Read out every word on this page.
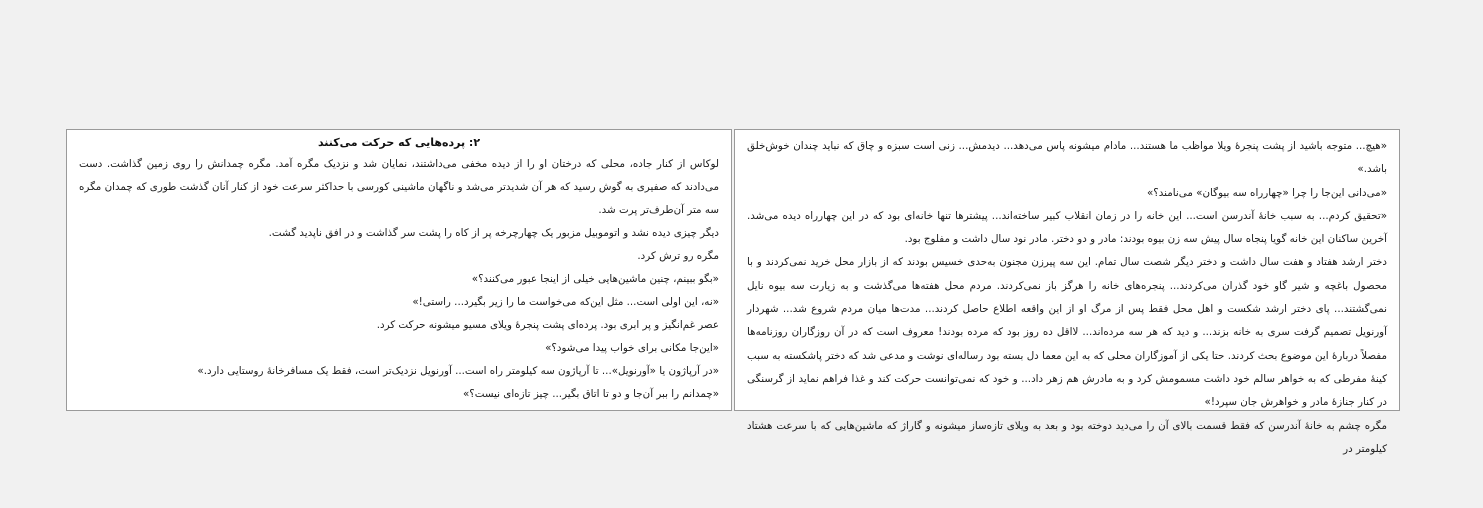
۲: پرده‌هایی که حرکت می‌کنند

لوکاس از کنار جاده، محلی که درختان او را از دیده مخفی می‌داشتند، نمایان شد و نزدیک مگره آمد. مگره چمدانش را روی زمین گذاشت. دست می‌دادند که صفیری به گوش رسید که هر آن شدیدتر می‌شد و ناگهان ماشینی کورسی با حداکثر سرعت خود از کنار آنان گذشت طوری که چمدان مگره سه متر آن‌طرف‌تر پرت شد.

دیگر چیزی دیده نشد و اتوموبیل مزبور یک چهارچرخه پر از کاه را پشت سر گذاشت و در افق ناپدید گشت.

مگره رو ترش کرد.

«بگو ببینم، چنین ماشین‌هایی خیلی از اینجا عبور می‌کنند؟»

«نه، این اولی است... مثل این‌که می‌خواست ما را زیر بگیرد... راستی!»

عصر غم‌انگیز و پر ابری بود. پرده‌ای پشت پنجرهٔ ویلای مسیو میشونه حرکت کرد.

«این‌جا مکانی برای خواب پیدا می‌شود؟»

«در آرپاژون یا «آورنویل»... تا آرپاژون سه کیلومتر راه است... آورنویل نزدیک‌تر است، فقط یک مسافرخانهٔ روستایی دارد.»

«چمدانم را ببر آن‌جا و دو تا اتاق بگیر... چیز تازه‌ای نیست؟»

«هیچ... متوجه باشید از پشت پنجرهٔ ویلا مواظب ما هستند... مادام میشونه پاس می‌دهد... دیدمش... زنی است سبزه و چاق که نباید چندان خوش‌خلق باشد.»

«می‌دانی این‌جا را چرا «چهارراه سه بیوگان» می‌نامند؟»

«تحقیق کردم... به سبب خانهٔ آندرسن است... این خانه را در زمان انقلاب کبیر ساخته‌اند... پیشترها تنها خانه‌ای بود که در این چهارراه دیده می‌شد. آخرین ساکنان این خانه گویا پنجاه سال پیش سه زن بیوه بودند: مادر و دو دختر. مادر نود سال داشت و مفلوج بود.

دختر ارشد هفتاد و هفت سال داشت و دختر دیگر شصت سال تمام. این سه پیرزن مجنون به‌حدی خسیس بودند که از بازار محل خرید نمی‌کردند و با محصول باغچه و شیر گاو خود گذران می‌کردند... پنجره‌های خانه را هرگز باز نمی‌کردند. مردم محل هفته‌ها می‌گذشت و به زیارت سه بیوه نایل نمی‌گشتند... پای دختر ارشد شکست و اهل محل فقط پس از مرگ او از این واقعه اطلاع حاصل کردند... مدت‌ها میان مردم شروع شد... شهردار آورنویل تصمیم گرفت سری به خانه بزند... و دید که هر سه مرده‌اند... لااقل ده روز بود که مرده بودند! معروف است که در آن روزگاران روزنامه‌ها مفصلاً دربارهٔ این موضوع بحث کردند. حتا یکی از آموزگاران محلی که به این معما دل بسته بود رساله‌ای نوشت و مدعی شد که دختر پاشکسته به سبب کینهٔ مفرطی که به خواهر سالم خود داشت مسمومش کرد و به مادرش هم زهر داد... و خود که نمی‌توانست حرکت کند و غذا فراهم نماید از گرسنگی در کنار جنازهٔ مادر و خواهرش جان سپرد!»

مگره چشم به خانهٔ آندرسن که فقط قسمت بالای آن را می‌دید دوخته بود و بعد به ویلای تازه‌ساز میشونه و گاراژ که ماشین‌هایی که با سرعت هشتاد کیلومتر در
